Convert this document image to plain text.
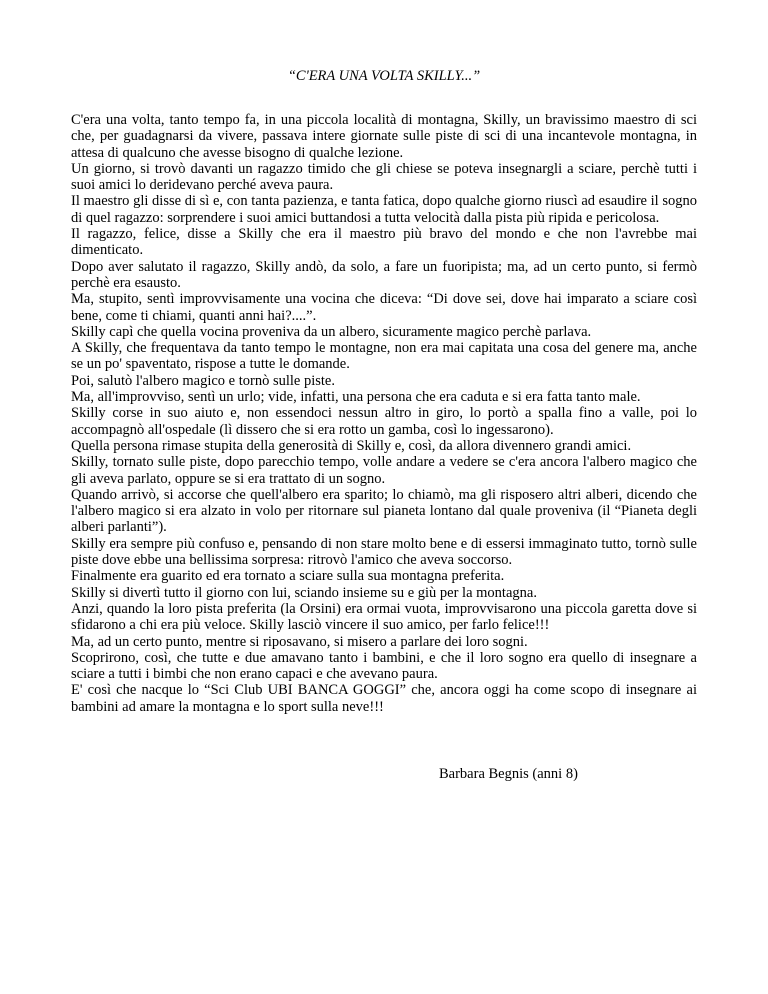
“C'ERA UNA VOLTA SKILLY...”

C'era una volta, tanto tempo fa, in una piccola località di montagna, Skilly, un bravissimo maestro di sci che, per guadagnarsi da vivere, passava intere giornate sulle piste di sci di una incantevole montagna, in attesa di qualcuno che avesse bisogno di qualche lezione.

Un giorno, si trovò davanti un ragazzo timido che gli chiese se poteva insegnargli a sciare, perchè tutti i suoi amici lo deridevano perché aveva paura.

Il maestro gli disse di sì e, con tanta pazienza, e tanta fatica, dopo qualche giorno riuscì ad esaudire il sogno di quel ragazzo: sorprendere i suoi amici buttandosi a tutta velocità dalla pista più ripida e pericolosa.

Il ragazzo, felice, disse a Skilly che era il maestro più bravo del mondo e che non l'avrebbe mai dimenticato.

Dopo aver salutato il ragazzo, Skilly andò, da solo, a fare un fuoripista; ma, ad un certo punto, si fermò perchè era esausto.

Ma, stupito, sentì improvvisamente una vocina che diceva: “Di dove sei, dove hai imparato a sciare così bene, come ti chiami, quanti anni hai?....”.

Skilly capì che quella vocina proveniva da un albero, sicuramente magico perchè parlava.

A Skilly, che frequentava da tanto tempo le montagne, non era mai capitata una cosa del genere ma, anche se un po' spaventato, rispose a tutte le domande.

Poi, salutò l'albero magico e tornò sulle piste.

Ma, all'improvviso, sentì un urlo; vide, infatti, una persona che era caduta e si era fatta tanto male.

Skilly corse in suo aiuto e, non essendoci nessun altro in giro, lo portò a spalla fino a valle, poi lo accompagnò all'ospedale (lì dissero che si era rotto un gamba, così lo ingessarono).

Quella persona rimase stupita della generosità di Skilly e, così, da allora divennero grandi amici.

Skilly, tornato sulle piste, dopo parecchio tempo, volle andare a vedere se c'era ancora l'albero magico che gli aveva parlato, oppure se si era trattato di un sogno.

Quando arrivò, si accorse che quell'albero era sparito; lo chiamò, ma gli risposero altri alberi, dicendo che l'albero magico si era alzato in volo per ritornare sul pianeta lontano dal quale proveniva (il “Pianeta degli alberi parlanti”).

Skilly era sempre più confuso e, pensando di non stare molto bene e di essersi immaginato tutto, tornò sulle piste dove ebbe una bellissima sorpresa: ritrovò l'amico che aveva soccorso.

Finalmente era guarito ed era tornato a sciare sulla sua montagna preferita.

Skilly si divertì tutto il giorno con lui, sciando insieme su e giù per la montagna.

Anzi, quando la loro pista preferita (la Orsini) era ormai vuota, improvvisarono una piccola garetta dove si sfidarono a chi era più veloce. Skilly lasciò vincere il suo amico, per farlo felice!!!

Ma, ad un certo punto, mentre si riposavano, si misero a parlare dei loro sogni.

Scoprirono, così, che tutte e due amavano tanto i bambini, e che il loro sogno era quello di insegnare a sciare a tutti i bimbi che non erano capaci e che avevano paura.

E' così che nacque lo “Sci Club UBI BANCA GOGGI” che, ancora oggi ha come scopo di insegnare ai bambini ad amare la montagna e lo sport sulla neve!!!

Barbara Begnis (anni 8)
